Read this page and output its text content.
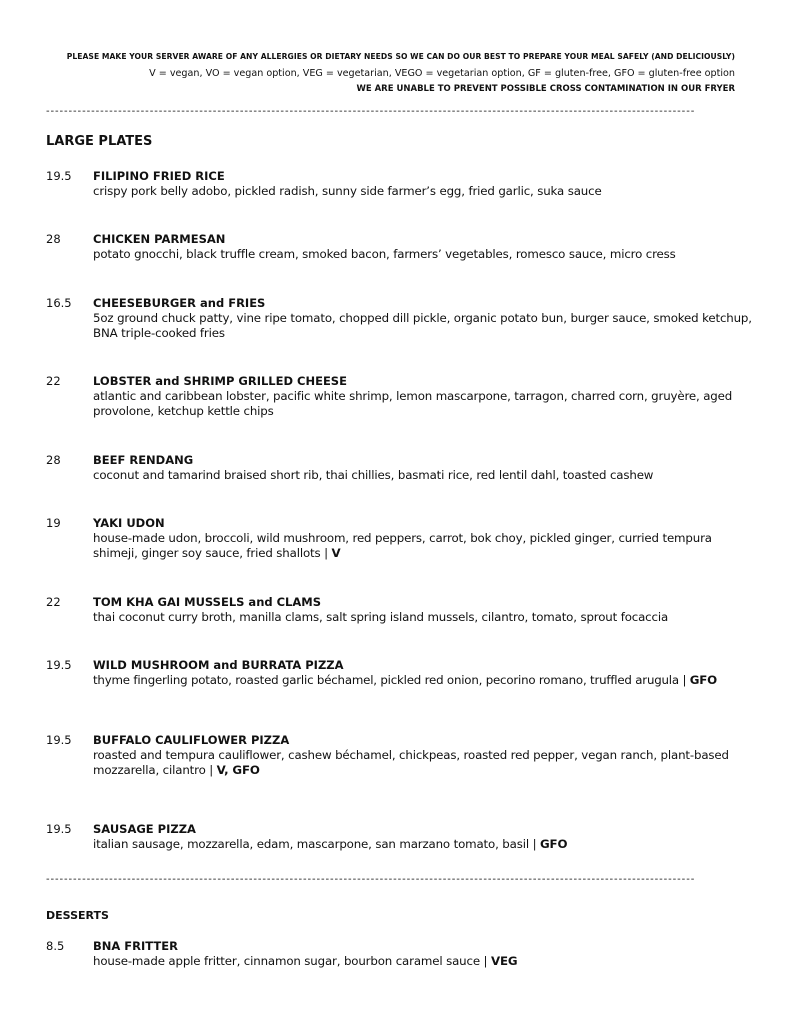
PLEASE MAKE YOUR SERVER AWARE OF ANY ALLERGIES OR DIETARY NEEDS SO WE CAN DO OUR BEST TO PREPARE YOUR MEAL SAFELY (AND DELICIOUSLY)
V = vegan, VO = vegan option, VEG = vegetarian, VEGO = vegetarian option, GF = gluten-free, GFO = gluten-free option
WE ARE UNABLE TO PREVENT POSSIBLE CROSS CONTAMINATION IN OUR FRYER
------------------------------------------------------------------------------------------------------------------------------------------------
LARGE PLATES
19.5 FILIPINO FRIED RICE
crispy pork belly adobo, pickled radish, sunny side farmer’s egg, fried garlic, suka sauce
28	CHICKEN PARMESAN
potato gnocchi, black truffle cream, smoked bacon, farmers’ vegetables, romesco sauce, micro cress
16.5 CHEESEBURGER and FRIES
5oz ground chuck patty, vine ripe tomato, chopped dill pickle, organic potato bun, burger sauce, smoked ketchup, BNA triple-cooked fries
22	LOBSTER and SHRIMP GRILLED CHEESE
atlantic and caribbean lobster, pacific white shrimp, lemon mascarpone, tarragon, charred corn, gruyère, aged provolone, ketchup kettle chips
28	BEEF RENDANG
coconut and tamarind braised short rib, thai chillies, basmati rice, red lentil dahl, toasted cashew
19	YAKI UDON
house-made udon, broccoli, wild mushroom, red peppers, carrot, bok choy, pickled ginger, curried tempura shimeji, ginger soy sauce, fried shallots | V
22	TOM KHA GAI MUSSELS and CLAMS
thai coconut curry broth, manilla clams, salt spring island mussels, cilantro, tomato, sprout focaccia
19.5 WILD MUSHROOM and BURRATA PIZZA
thyme fingerling potato, roasted garlic béchamel, pickled red onion, pecorino romano, truffled arugula | GFO
19.5 BUFFALO CAULIFLOWER PIZZA
roasted and tempura cauliflower, cashew béchamel, chickpeas, roasted red pepper, vegan ranch, plant-based mozzarella, cilantro | V, GFO
19.5 SAUSAGE PIZZA
italian sausage, mozzarella, edam, mascarpone, san marzano tomato, basil | GFO
------------------------------------------------------------------------------------------------------------------------------------------------
DESSERTS
8.5 BNA FRITTER
house-made apple fritter, cinnamon sugar, bourbon caramel sauce | VEG
